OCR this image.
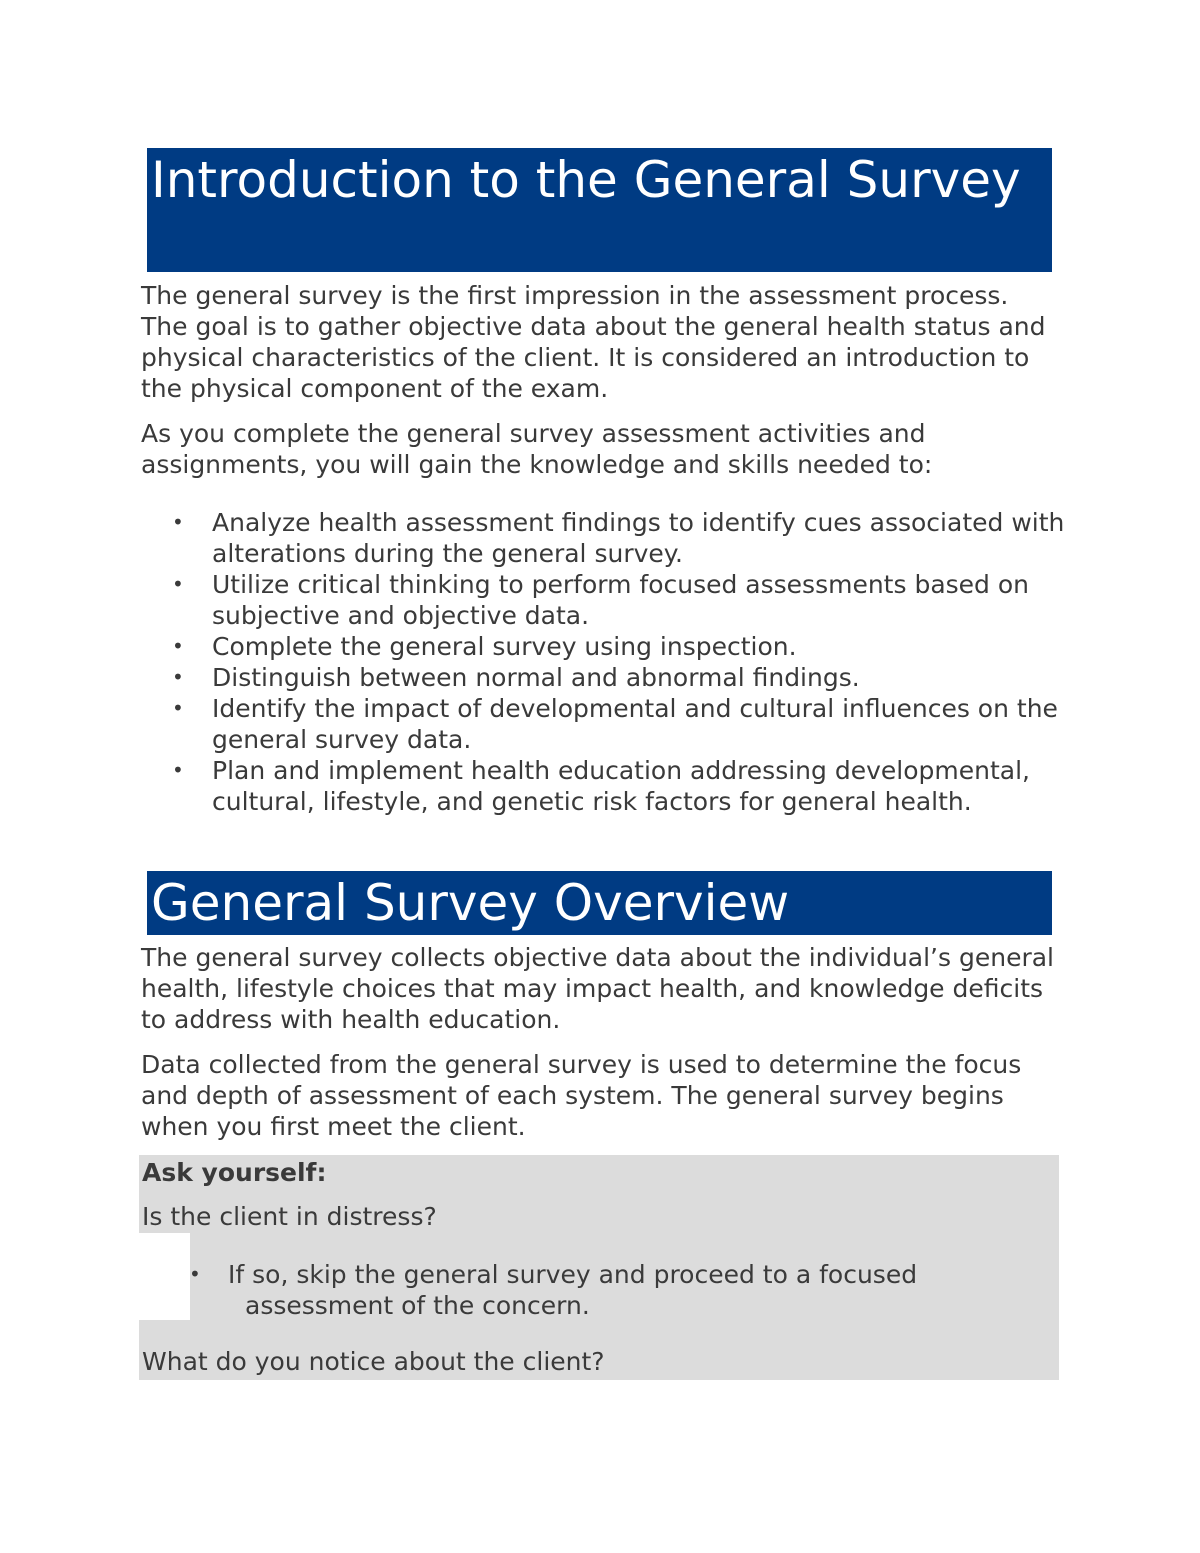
Introduction to the General Survey

The general survey is the first impression in the assessment process. The goal is to gather objective data about the general health status and physical characteristics of the client. It is considered an introduction to the physical component of the exam.

As you complete the general survey assessment activities and assignments, you will gain the knowledge and skills needed to:

• Analyze health assessment findings to identify cues associated with alterations during the general survey.
• Utilize critical thinking to perform focused assessments based on subjective and objective data.
• Complete the general survey using inspection.
• Distinguish between normal and abnormal findings.
• Identify the impact of developmental and cultural influences on the general survey data.
• Plan and implement health education addressing developmental, cultural, lifestyle, and genetic risk factors for general health.
General Survey Overview

The general survey collects objective data about the individual’s general health, lifestyle choices that may impact health, and knowledge deficits to address with health education.

Data collected from the general survey is used to determine the focus and depth of assessment of each system. The general survey begins when you first meet the client.

Ask yourself:
Is the client in distress?
• If so, skip the general survey and proceed to a focused assessment of the concern.
What do you notice about the client?
